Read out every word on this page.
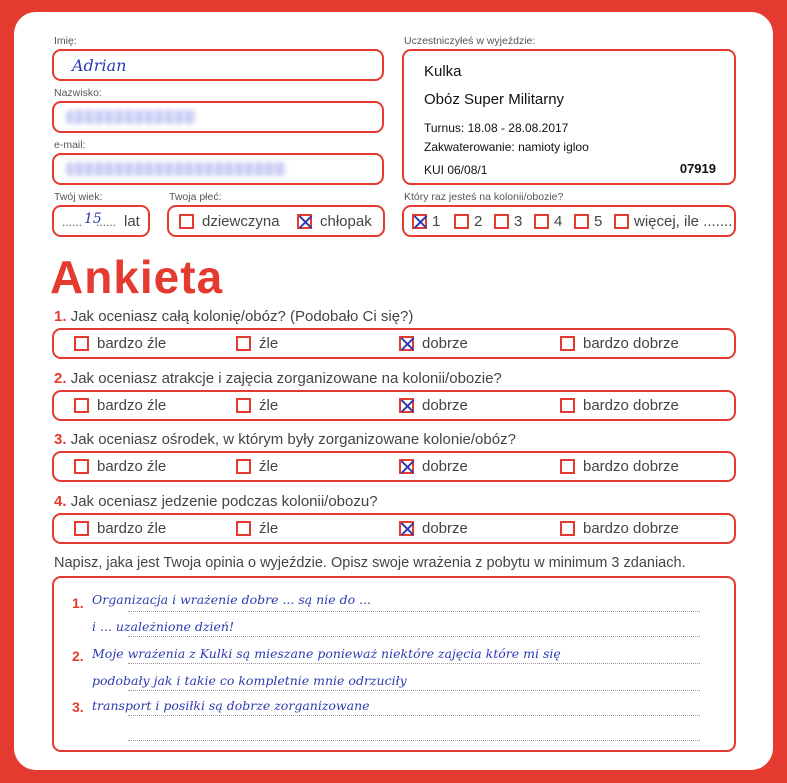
Imię:
Adrian
Nazwisko:
e-mail:
Twój wiek:
...... 15
...... lat
Twoja płeć:
dziewczyna	chłopak
Uczestniczyłeś w wyjeździe:
Kulka
Obóz Super Militarny
Turnus: 18.08 - 28.08.2017
Zakwaterowanie: namioty igloo
KUI 06/08/1	07919
Który raz jesteś na kolonii/obozie?
1 2 3 4 5 więcej, ile .......
Ankieta
1. Jak oceniasz całą kolonię/obóz? (Podobało Ci się?)
bardzo źle	źle	dobrze	bardzo dobrze
2. Jak oceniasz atrakcje i zajęcia zorganizowane na kolonii/obozie?
bardzo źle	źle	dobrze	bardzo dobrze
3. Jak oceniasz ośrodek, w którym były zorganizowane kolonie/obóz?
bardzo źle	źle	dobrze	bardzo dobrze
4. Jak oceniasz jedzenie podczas kolonii/obozu?
bardzo źle	źle	dobrze	bardzo dobrze
Napisz, jaka jest Twoja opinia o wyjeździe. Opisz swoje wrażenia z pobytu w minimum 3 zdaniach.
1.
2.
3.
Organizacja i wrażenie dobre ... są nie do ...
i ... uzależnione dzień!
Moje wrażenia z Kulki są mieszane ponieważ niektóre zajęcia które mi się
podobały jak i takie co kompletnie mnie odrzuciły
transport i posiłki są dobrze zorganizowane
